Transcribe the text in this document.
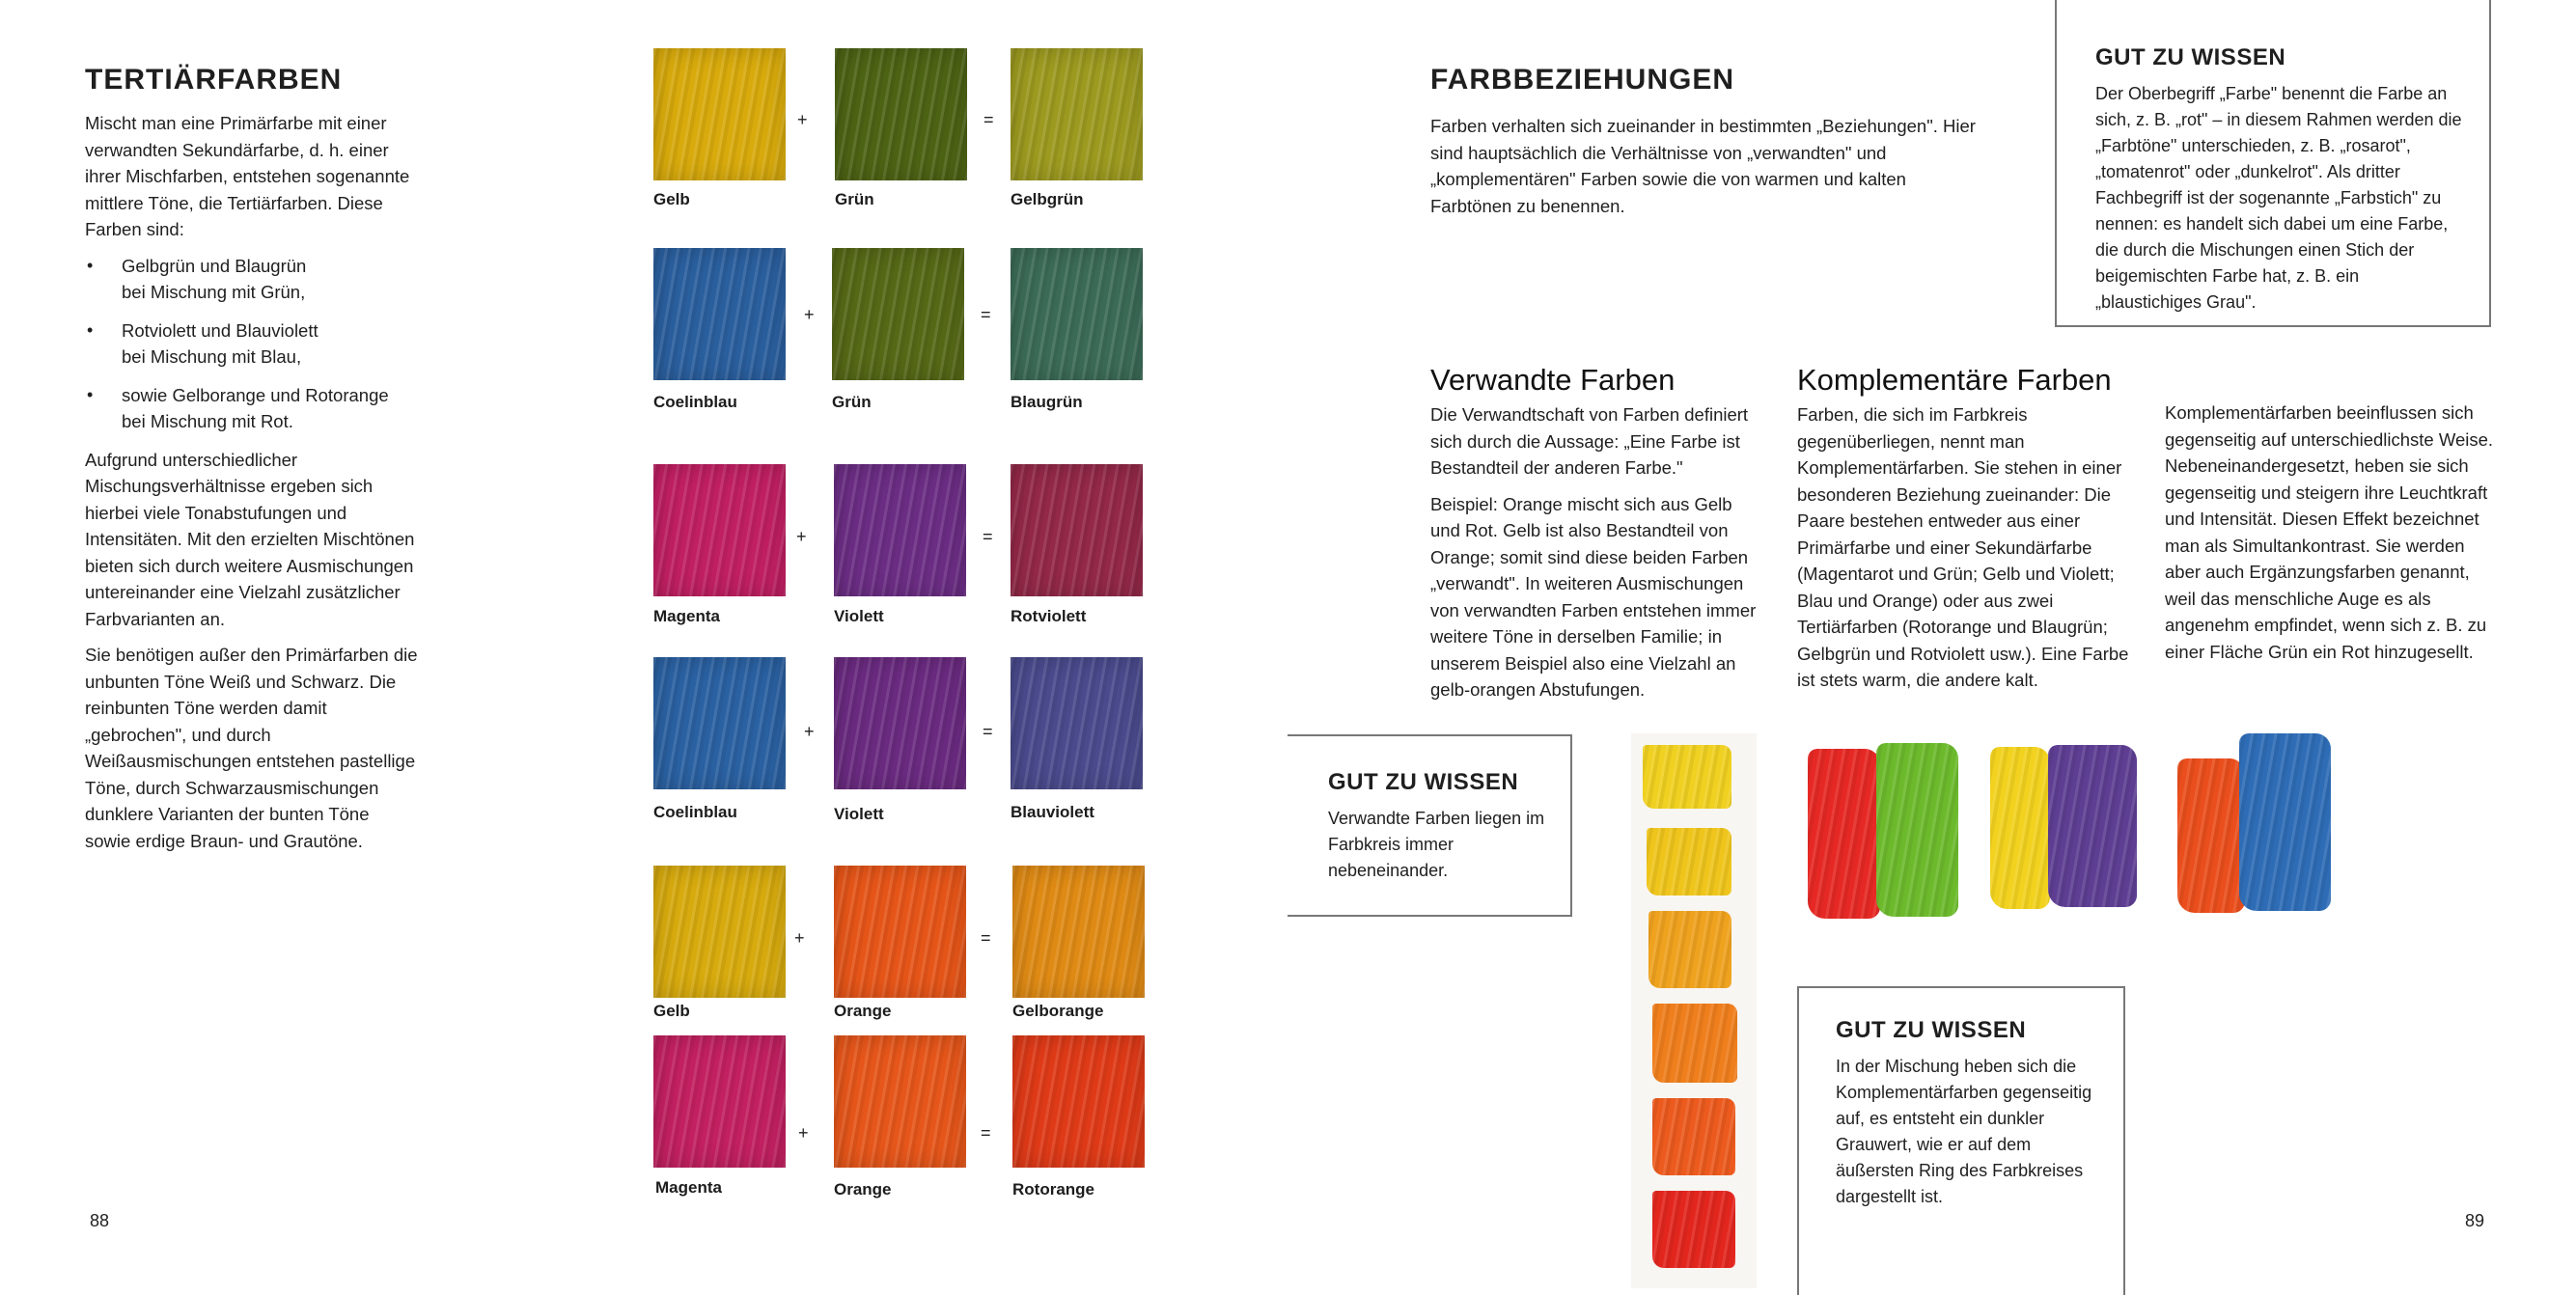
TERTIÄRFARBEN

Mischt man eine Primärfarbe mit einer verwandten Sekundärfarbe, d. h. einer ihrer Mischfarben, entstehen sogenannte mittlere Töne, die Tertiärfarben. Diese Farben sind:

• Gelbgrün und Blaugrün
bei Mischung mit Grün,
• Rotviolett und Blauviolett
bei Mischung mit Blau,
• sowie Gelborange und Rotorange
bei Mischung mit Rot.

Aufgrund unterschiedlicher Mischungsverhältnisse ergeben sich hierbei viele Tonabstufungen und Intensitäten. Mit den erzielten Mischtönen bieten sich durch weitere Ausmischungen untereinander eine Vielzahl zusätzlicher Farbvarianten an.

Sie benötigen außer den Primärfarben die unbunten Töne Weiß und Schwarz. Die reinbunten Töne werden damit „gebrochen", und durch Weißausmischungen entstehen pastellige Töne, durch Schwarzausmischungen dunklere Varianten der bunten Töne sowie erdige Braun- und Grautöne.

88
+	=
Gelb	Grün	Gelbgrün
+	=
Coelinblau	Grün	Blaugrün
+	=
Magenta	Violett	Rotviolett
+	=
Coelinblau	Violett	Blauviolett
+	=
Gelb	Orange	Gelborange
+	=
Magenta	Orange	Rotorange
FARBBEZIEHUNGEN
Farben verhalten sich zueinander in bestimmten „Beziehungen". Hier sind hauptsächlich die Verhältnisse von „verwandten" und „komplementären" Farben sowie die von warmen und kalten Farbtönen zu benennen.
GUT ZU WISSEN
Der Oberbegriff „Farbe" benennt die Farbe an sich, z. B. „rot" – in diesem Rahmen werden die „Farbtöne" unterschieden, z. B. „rosarot", „tomatenrot" oder „dunkelrot". Als dritter Fachbegriff ist der sogenannte „Farbstich" zu nennen: es handelt sich dabei um eine Farbe, die durch die Mischungen einen Stich der beigemischten Farbe hat, z. B. ein „blaustichiges Grau".
Verwandte Farben

Die Verwandtschaft von Farben definiert sich durch die Aussage: „Eine Farbe ist Bestandteil der anderen Farbe."

Beispiel: Orange mischt sich aus Gelb und Rot. Gelb ist also Bestandteil von Orange; somit sind diese beiden Farben „verwandt". In weiteren Ausmischungen von verwandten Farben entstehen immer weitere Töne in derselben Familie; in unserem Beispiel also eine Vielzahl an gelb-orangen Abstufungen.

Komplementäre Farben
Farben, die sich im Farbkreis gegenüberliegen, nennt man Komplementärfarben. Sie stehen in einer besonderen Beziehung zueinander: Die Paare bestehen entweder aus einer Primärfarbe und einer Sekundärfarbe (Magentarot und Grün; Gelb und Violett; Blau und Orange) oder aus zwei Tertiärfarben (Rotorange und Blaugrün; Gelbgrün und Rotviolett usw.). Eine Farbe ist stets warm, die andere kalt.
Komplementärfarben beeinflussen sich gegenseitig auf unterschiedlichste Weise. Nebeneinandergesetzt, heben sie sich gegenseitig und steigern ihre Leuchtkraft und Intensität. Diesen Effekt bezeichnet man als Simultankontrast. Sie werden aber auch Ergänzungsfarben genannt, weil das menschliche Auge es als angenehm empfindet, wenn sich z. B. zu einer Fläche Grün ein Rot hinzugesellt.
GUT ZU WISSEN
Verwandte Farben liegen im Farbkreis immer nebeneinander.
GUT ZU WISSEN
In der Mischung heben sich die Komplementärfarben gegenseitig auf, es entsteht ein dunkler Grauwert, wie er auf dem äußersten Ring des Farbkreises dargestellt ist.
89
